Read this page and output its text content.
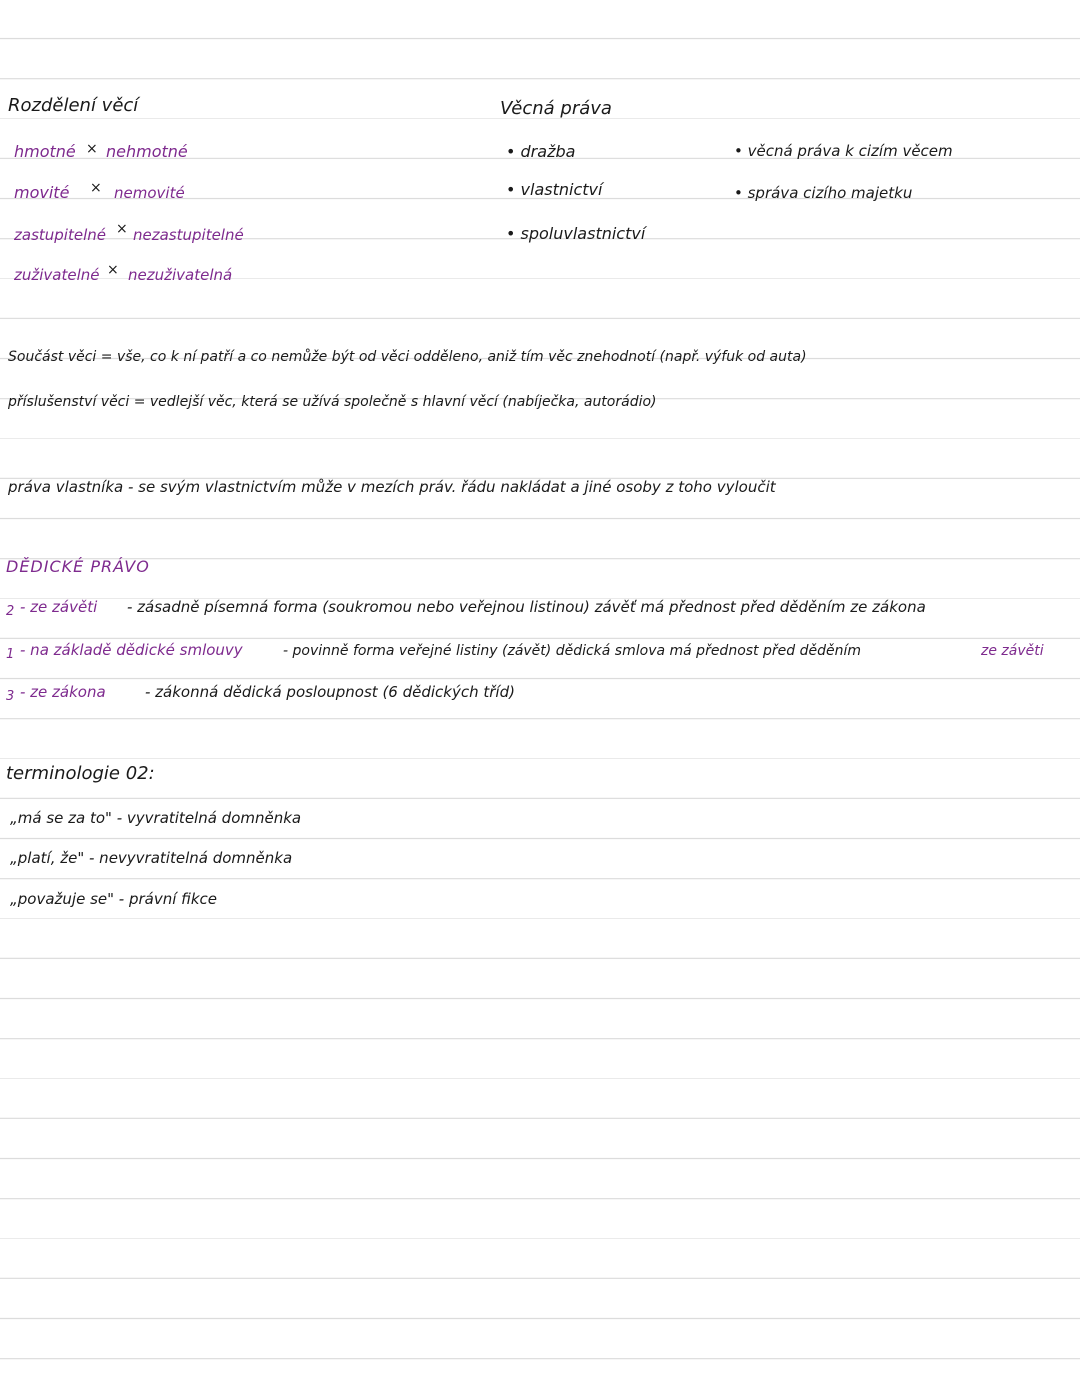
Rozdělení věcí
hmotné × nehmotné
movité × nemovité
zastupitelné × nezastupitelné
zuživatelné × nezuživatelná
Věcná práva
• dražba
• vlastnictví
• spoluvlastnictví
• věcná práva k cizím věcem
• správa cizího majetku
Součást věci = vše, co k ní patří a co nemůže být od věci odděleno, aniž tím věc znehodnotí (např. výfuk od auta)
příslušenství věci = vedlejší věc, která se užívá společně s hlavní věcí (nabíječka, autorádio)
práva vlastníka - se svým vlastnictvím může v mezích práv. řádu nakládat a jiné osoby z toho vyloučit
DĚDICKÉ PRÁVO
2 - ze závěti - zásadně písemná forma (soukromou nebo veřejnou listinou) závěť má přednost před děděním ze zákona
1 - na základě dědické smlouvy	- povinně forma veřejné listiny (závět) dědická smlova má přednost před děděním	ze závěti
3 - ze zákona	- zákonná dědická posloupnost (6 dědických tříd)
terminologie 02:
„má se za to" - vyvratitelná domněnka
„platí, že" - nevyvratitelná domněnka
„považuje se" - právní fikce
